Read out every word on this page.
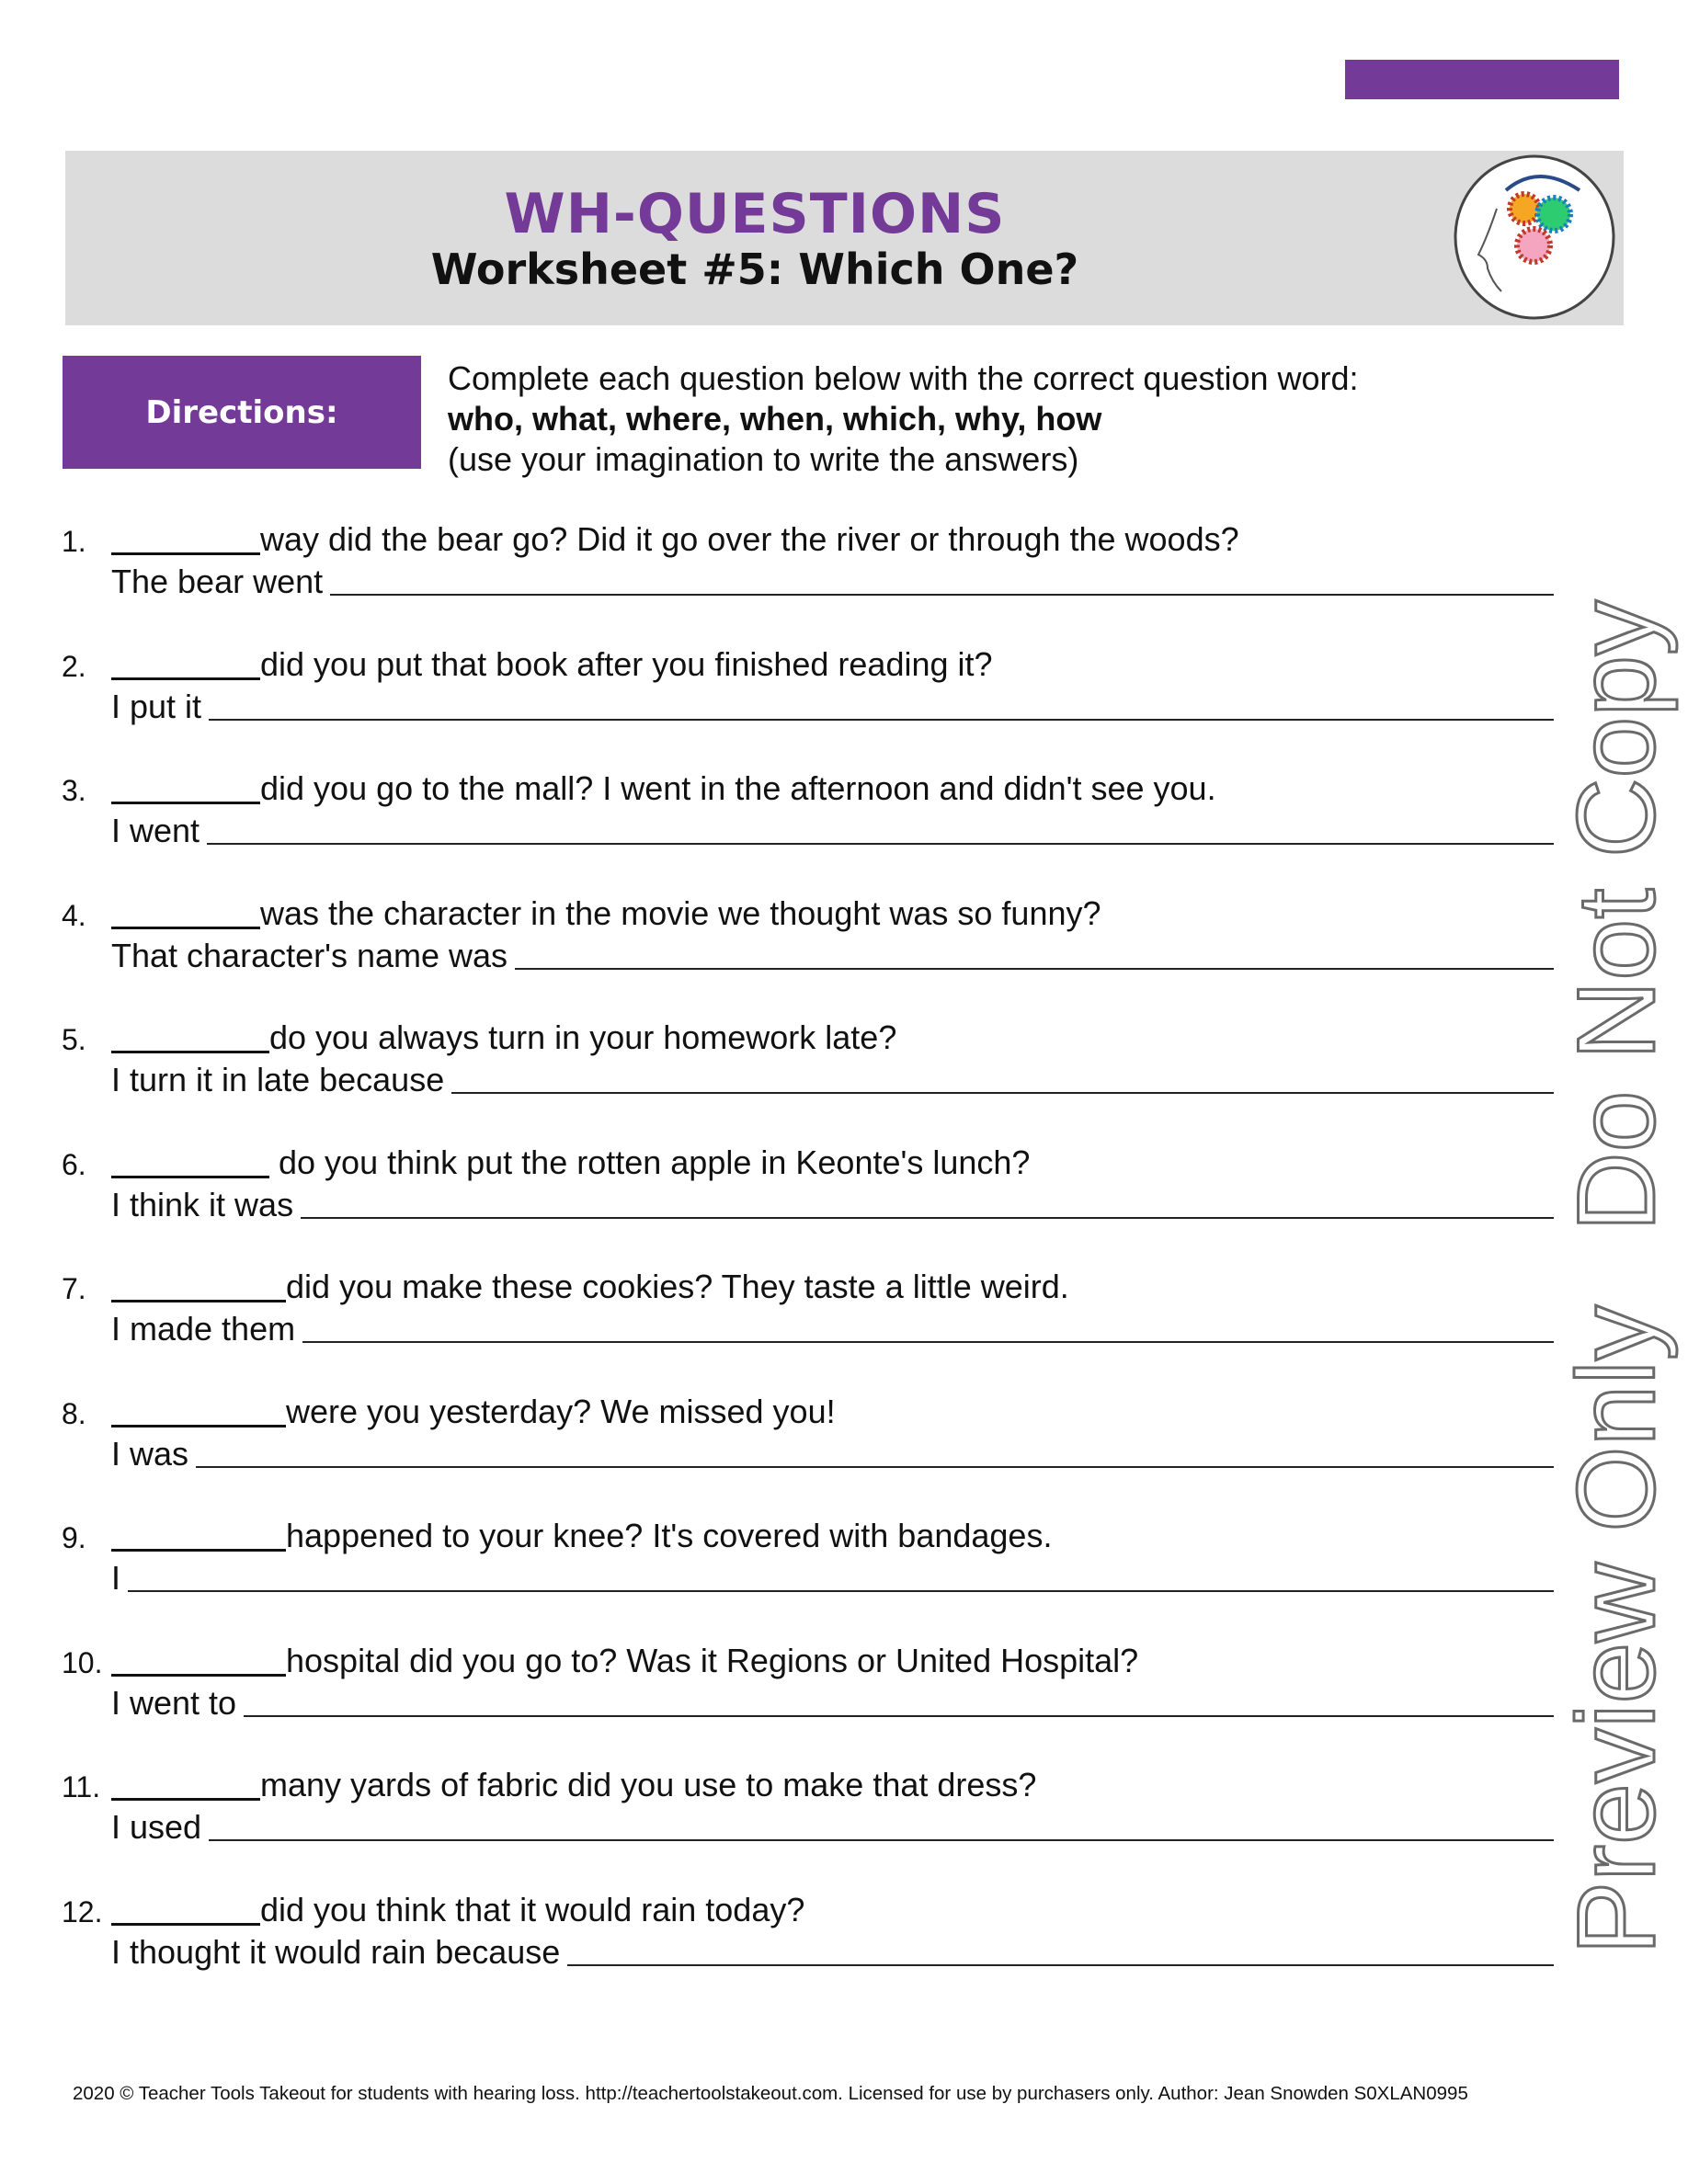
WH-QUESTIONS
Worksheet #5: Which One?
Directions:
Complete each question below with the correct question word:
who, what, where, when, which, why, how
(use your imagination to write the answers)
1.	way did the bear go? Did it go over the river or through the woods?
The bear went
2.	did you put that book after you finished reading it?
I put it
3.	did you go to the mall? I went in the afternoon and didn't see you.
I went
4.	was the character in the movie we thought was so funny?
That character's name was
5.	do you always turn in your homework late?
I turn it in late because
6.	do you think put the rotten apple in Keonte's lunch?
I think it was
7.	did you make these cookies? They taste a little weird.
I made them
8.	were you yesterday? We missed you!
I was
9.	happened to your knee? It's covered with bandages.
I
10.	hospital did you go to? Was it Regions or United Hospital?
I went to
11.	many yards of fabric did you use to make that dress?
I used
12.	did you think that it would rain today?
I thought it would rain because	Preview Only
Do Not Copy
2020 © Teacher Tools Takeout for students with hearing loss. http://teachertoolstakeout.com. Licensed for use by purchasers only. Author: Jean Snowden S0XLAN0995
